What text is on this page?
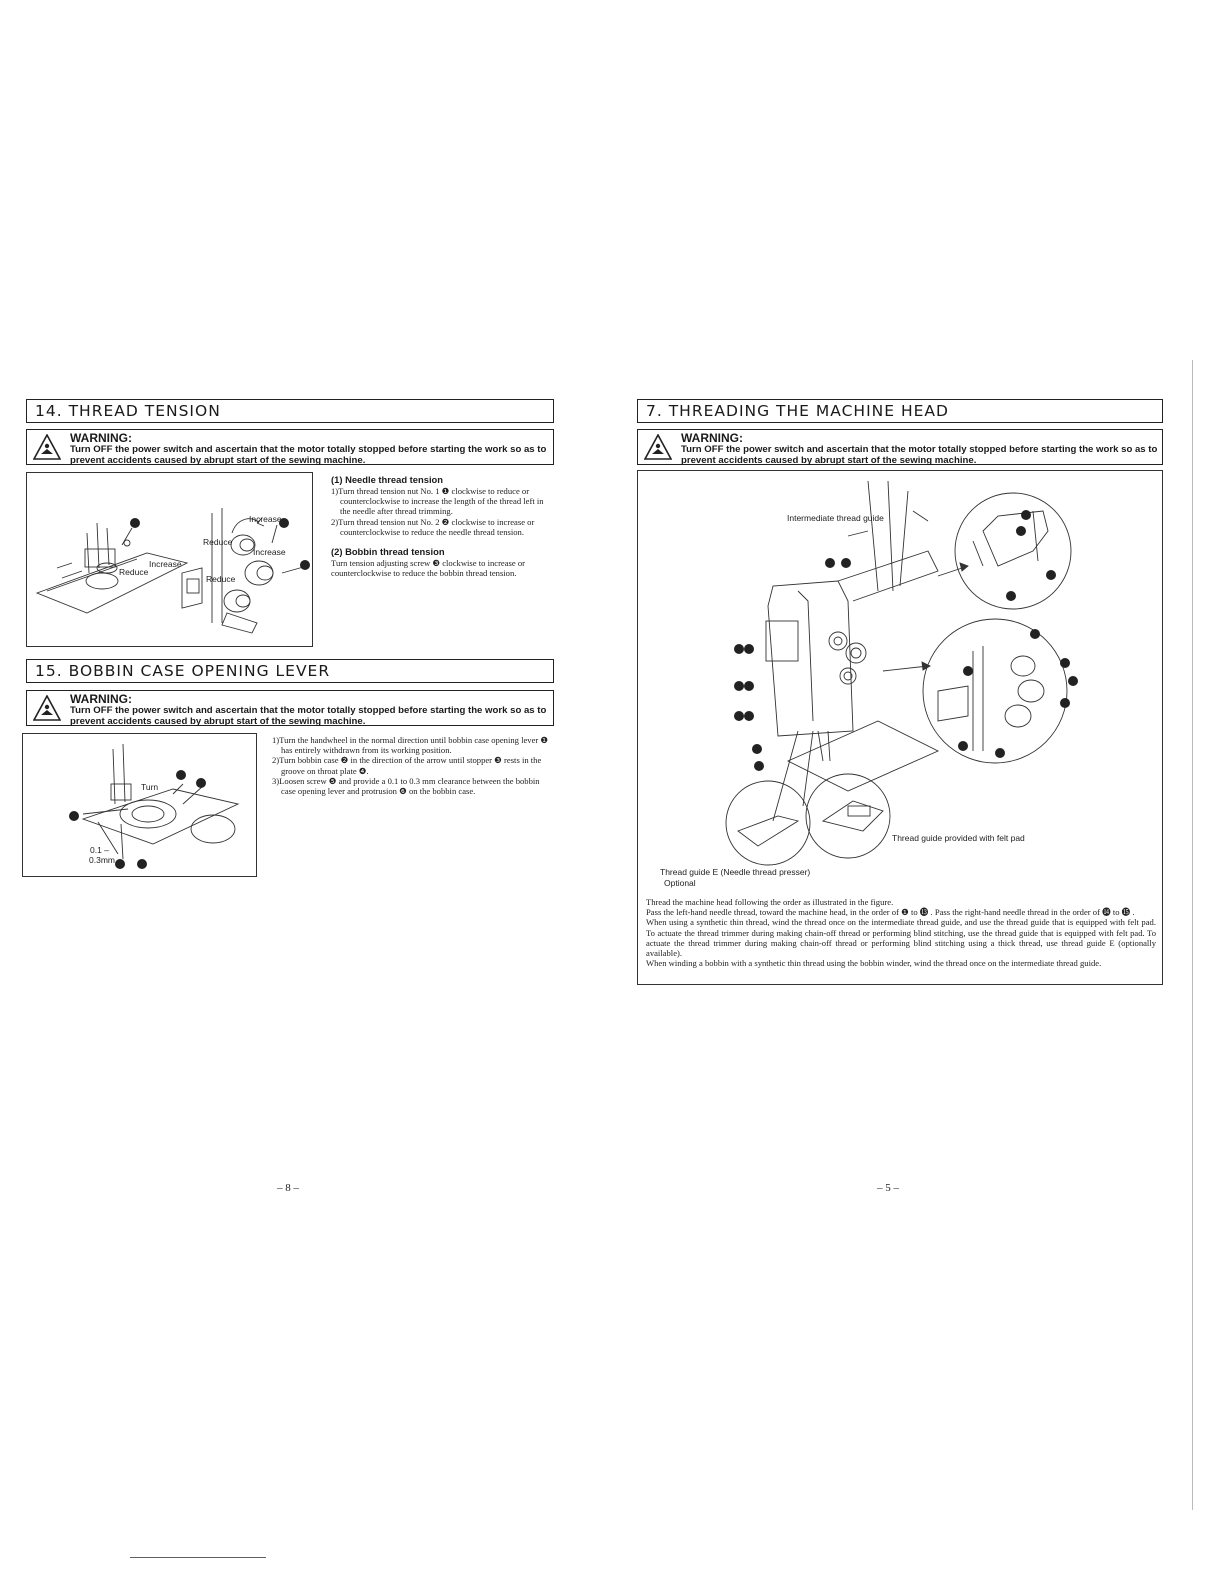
14. THREAD TENSION
WARNING:
Turn OFF the power switch and ascertain that the motor totally stopped before starting the work so as to prevent accidents caused by abrupt start of the sewing machine.
Increase
Reduce
Increase
Increase
Reduce
Reduce
(1) Needle thread tension
1)Turn thread tension nut No. 1 ❶ clockwise to reduce or counterclockwise to increase the length of the thread left in the needle after thread trimming.
2)Turn thread tension nut No. 2 ❷ clockwise to increase or counterclockwise to reduce the needle thread tension.
(2) Bobbin thread tension
Turn tension adjusting screw ❸ clockwise to increase or counterclockwise to reduce the bobbin thread tension.
15. BOBBIN CASE OPENING LEVER
WARNING:
Turn OFF the power switch and ascertain that the motor totally stopped before starting the work so as to prevent accidents caused by abrupt start of the sewing machine.
Turn
0.1 –
0.3mm
1)Turn the handwheel in the normal direction until bobbin case opening lever ❶ has entirely withdrawn from its working position.
2)Turn bobbin case ❷ in the direction of the arrow until stopper ❸ rests in the groove on throat plate ❹.
3)Loosen screw ❺ and provide a 0.1 to 0.3 mm clearance between the bobbin case opening lever and protrusion ❻ on the bobbin case.
– 8 –
7. THREADING THE MACHINE HEAD
WARNING:
Turn OFF the power switch and ascertain that the motor totally stopped before starting the work so as to prevent accidents caused by abrupt start of the sewing machine.
Intermediate thread guide
Thread guide provided with felt pad
Thread guide E (Needle thread presser)
Optional
Thread the machine head following the order as illustrated in the figure.
Pass the left-hand needle thread, toward the machine head, in the order of ❶ to ⓭ . Pass the right-hand needle thread in the order of ⓮ to ⓯ .
When using a synthetic thin thread, wind the thread once on the intermediate thread guide, and use the thread guide that is equipped with felt pad. To actuate the thread trimmer during making chain-off thread or performing blind stitching, use the thread guide that is equipped with felt pad. To actuate the thread trimmer during making chain-off thread or performing blind stitching using a thick thread, use thread guide E (optionally available).
When winding a bobbin with a synthetic thin thread using the bobbin winder, wind the thread once on the intermediate thread guide.
– 5 –
